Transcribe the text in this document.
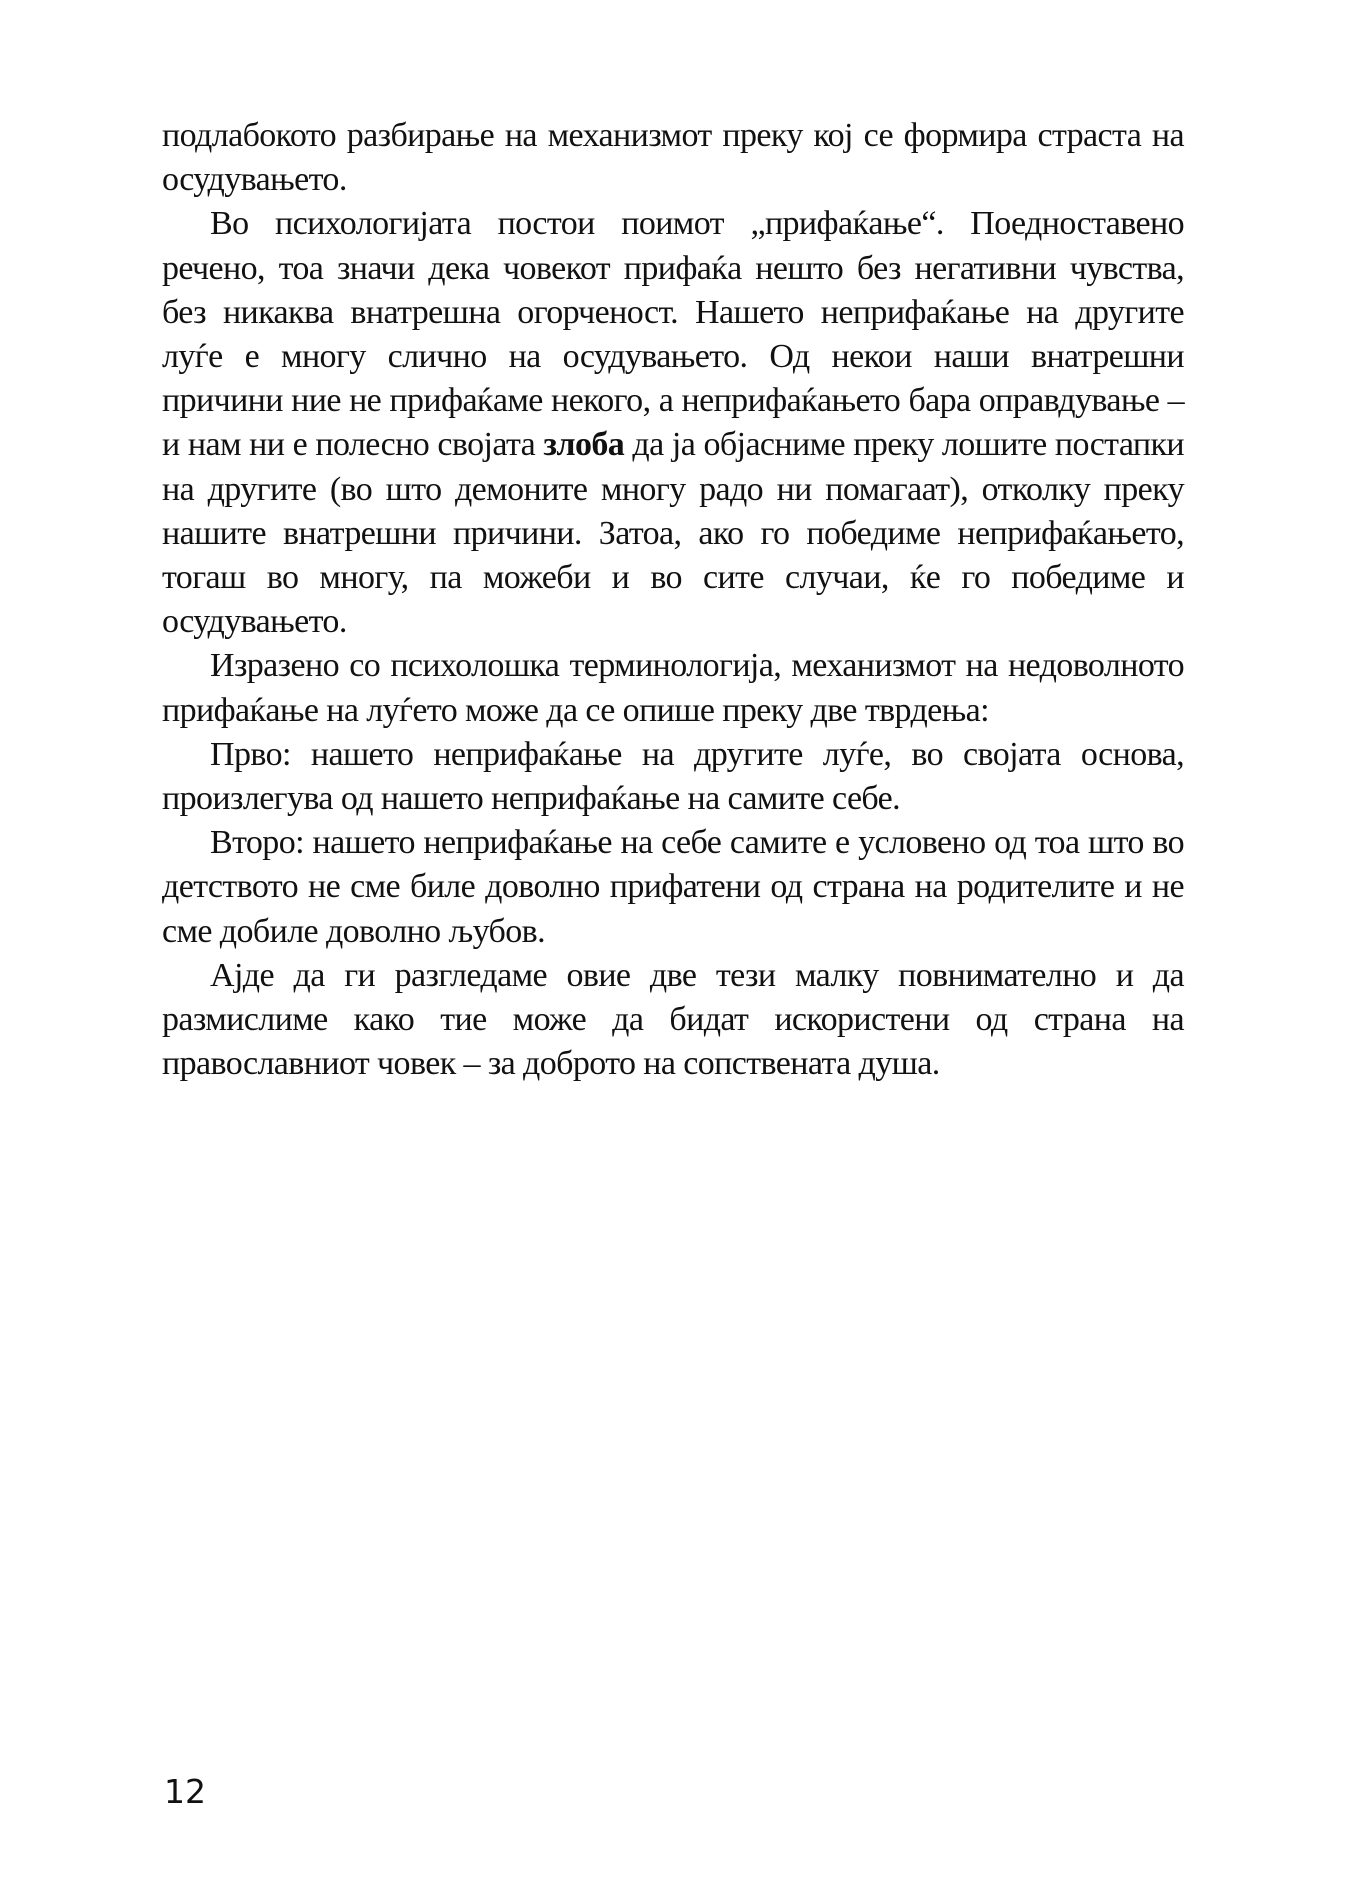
подлабокото разбирање на механизмот преку кој се формира страста на осудувањето.

Во психологијата постои поимот „прифаќање“. Поедноставено речено, тоа значи дека човекот прифаќа нешто без негативни чувства, без никаква внатрешна огорченост. Нашето неприфаќање на другите луѓе е многу слично на осудувањето. Од некои наши внатрешни причини ние не прифаќаме некого, а неприфаќањето бара оправдување – и нам ни е полесно својата злоба да ја објасниме преку лошите постапки на другите (во што демоните многу радо ни помагаат), отколку преку нашите внатрешни причини. Затоа, ако го победиме неприфаќањето, тогаш во многу, па можеби и во сите случаи, ќе го победиме и осудувањето.

Изразено со психолошка терминологија, механизмот на недоволното прифаќање на луѓето може да се опише преку две тврдења:

Прво: нашето неприфаќање на другите луѓе, во својата основа, произлегува од нашето неприфаќање на самите себе.

Второ: нашето неприфаќање на себе самите е условено од тоа што во детството не сме биле доволно прифатени од страна на родителите и не сме добиле доволно љубов.

Ајде да ги разгледаме овие две тези малку повнимателно и да размислиме како тие може да бидат искористени од страна на православниот човек – за доброто на сопствената душа.

12
